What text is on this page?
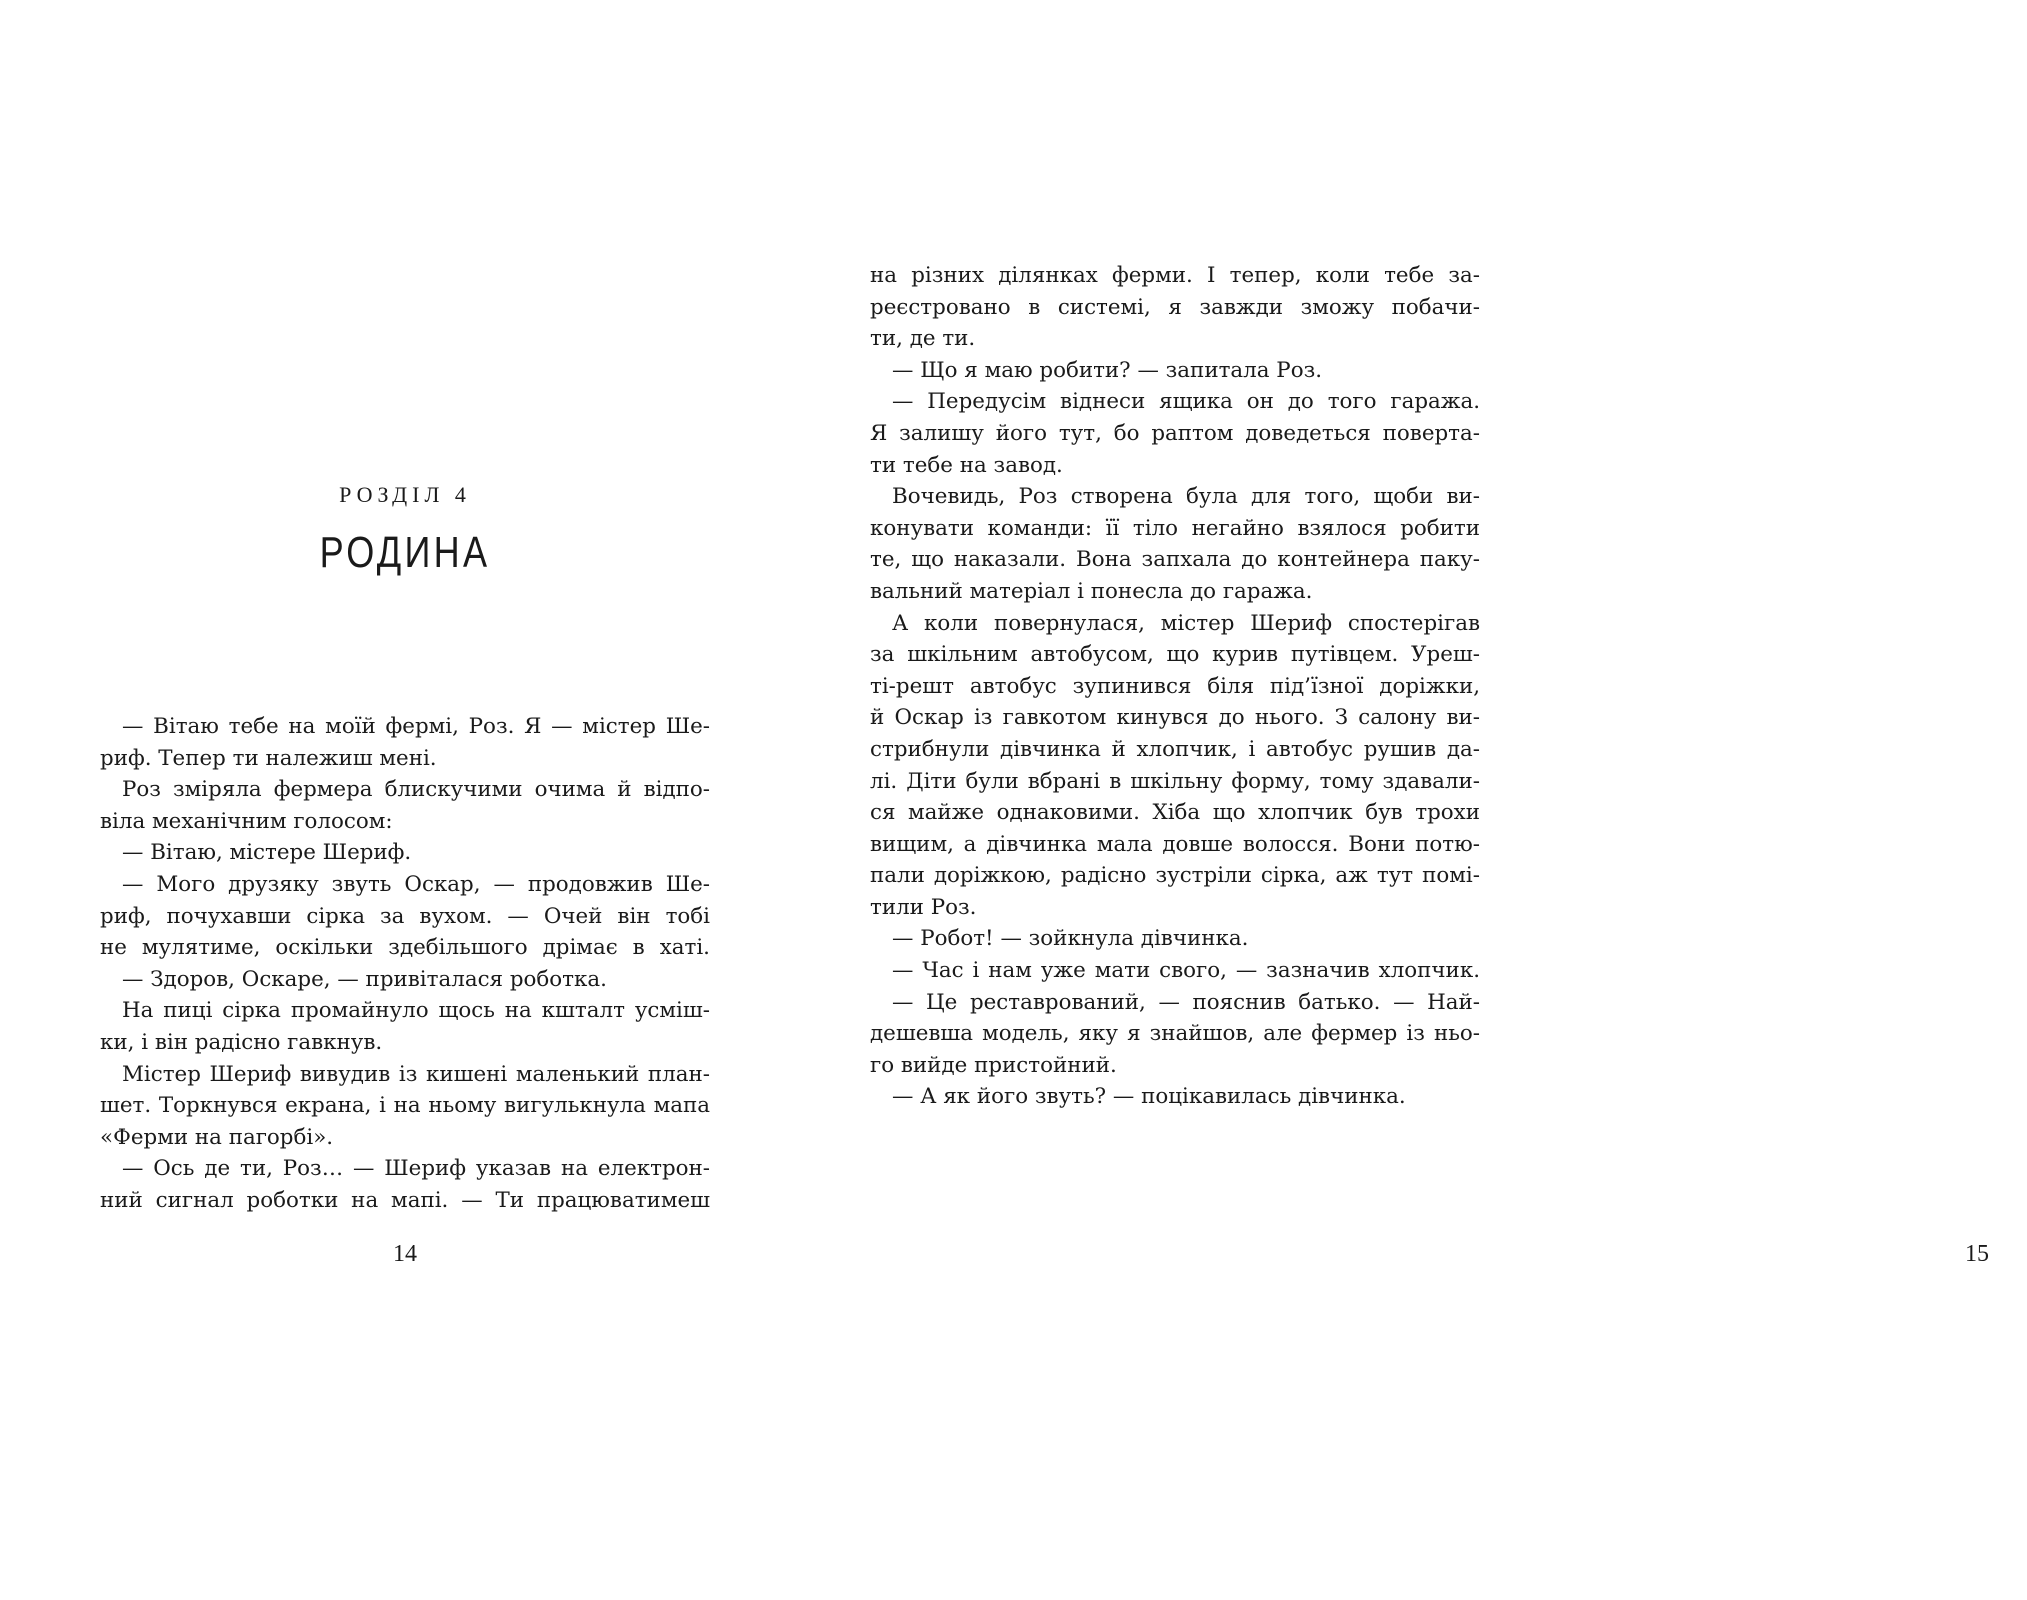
РОЗДІЛ 4
РОДИНА
— Вітаю тебе на моїй фермі, Роз. Я — містер Ше-
риф. Тепер ти належиш мені.
Роз зміряла фермера блискучими очима й відпо-
віла механічним голосом:
— Вітаю, містере Шериф.
— Мого друзяку звуть Оскар, — продовжив Ше-
риф, почухавши сірка за вухом. — Очей він тобі
не мулятиме, оскільки здебільшого дрімає в хаті.
— Здоров, Оскаре, — привіталася роботка.
На пиці сірка промайнуло щось на кшталт усміш-
ки, і він радісно гавкнув.
Містер Шериф вивудив із кишені маленький план-
шет. Торкнувся екрана, і на ньому вигулькнула мапа
«Ферми на пагорбі».
— Ось де ти, Роз… — Шериф указав на електрон-
ний сигнал роботки на мапі. — Ти працюватимеш
14
на різних ділянках ферми. І тепер, коли тебе за-
реєстровано в системі, я завжди зможу побачи-
ти, де ти.
— Що я маю робити? — запитала Роз.
— Передусім віднеси ящика он до того гаража.
Я залишу його тут, бо раптом доведеться поверта-
ти тебе на завод.
Вочевидь, Роз створена була для того, щоби ви-
конувати команди: її тіло негайно взялося робити
те, що наказали. Вона запхала до контейнера паку-
вальний матеріал і понесла до гаража.
А коли повернулася, містер Шериф спостерігав
за шкільним автобусом, що курив путівцем. Уреш-
ті-решт автобус зупинився біля під’їзної доріжки,
й Оскар із гавкотом кинувся до нього. З салону ви-
стрибнули дівчинка й хлопчик, і автобус рушив да-
лі. Діти були вбрані в шкільну форму, тому здавали-
ся майже однаковими. Хіба що хлопчик був трохи
вищим, а дівчинка мала довше волосся. Вони потю-
пали доріжкою, радісно зустріли сірка, аж тут помі-
тили Роз.
— Робот! — зойкнула дівчинка.
— Час і нам уже мати свого, — зазначив хлопчик.
— Це реставрований, — пояснив батько. — Най-
дешевша модель, яку я знайшов, але фермер із ньо-
го вийде пристойний.
— А як його звуть? — поцікавилась дівчинка.
15
